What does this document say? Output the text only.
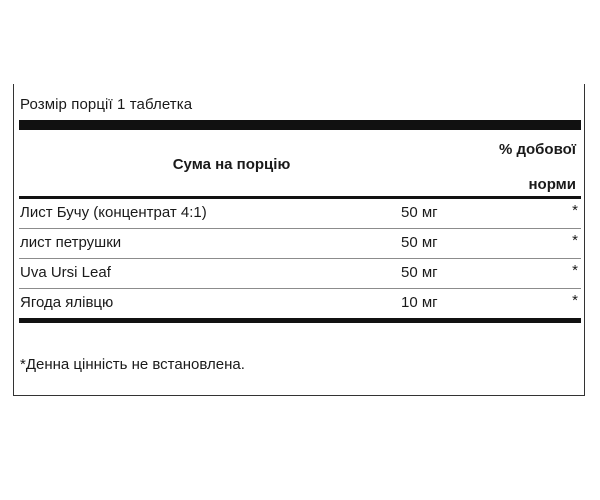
Розмір порції 1 таблетка
Сума на порцію
% добової
норми
Лист Бучу (концентрат 4:1)	50 мг	*
лист петрушки	50 мг	*
Uva Ursi Leaf	50 мг	*
Ягода ялівцю	10 мг	*
*Денна цінність не встановлена.
